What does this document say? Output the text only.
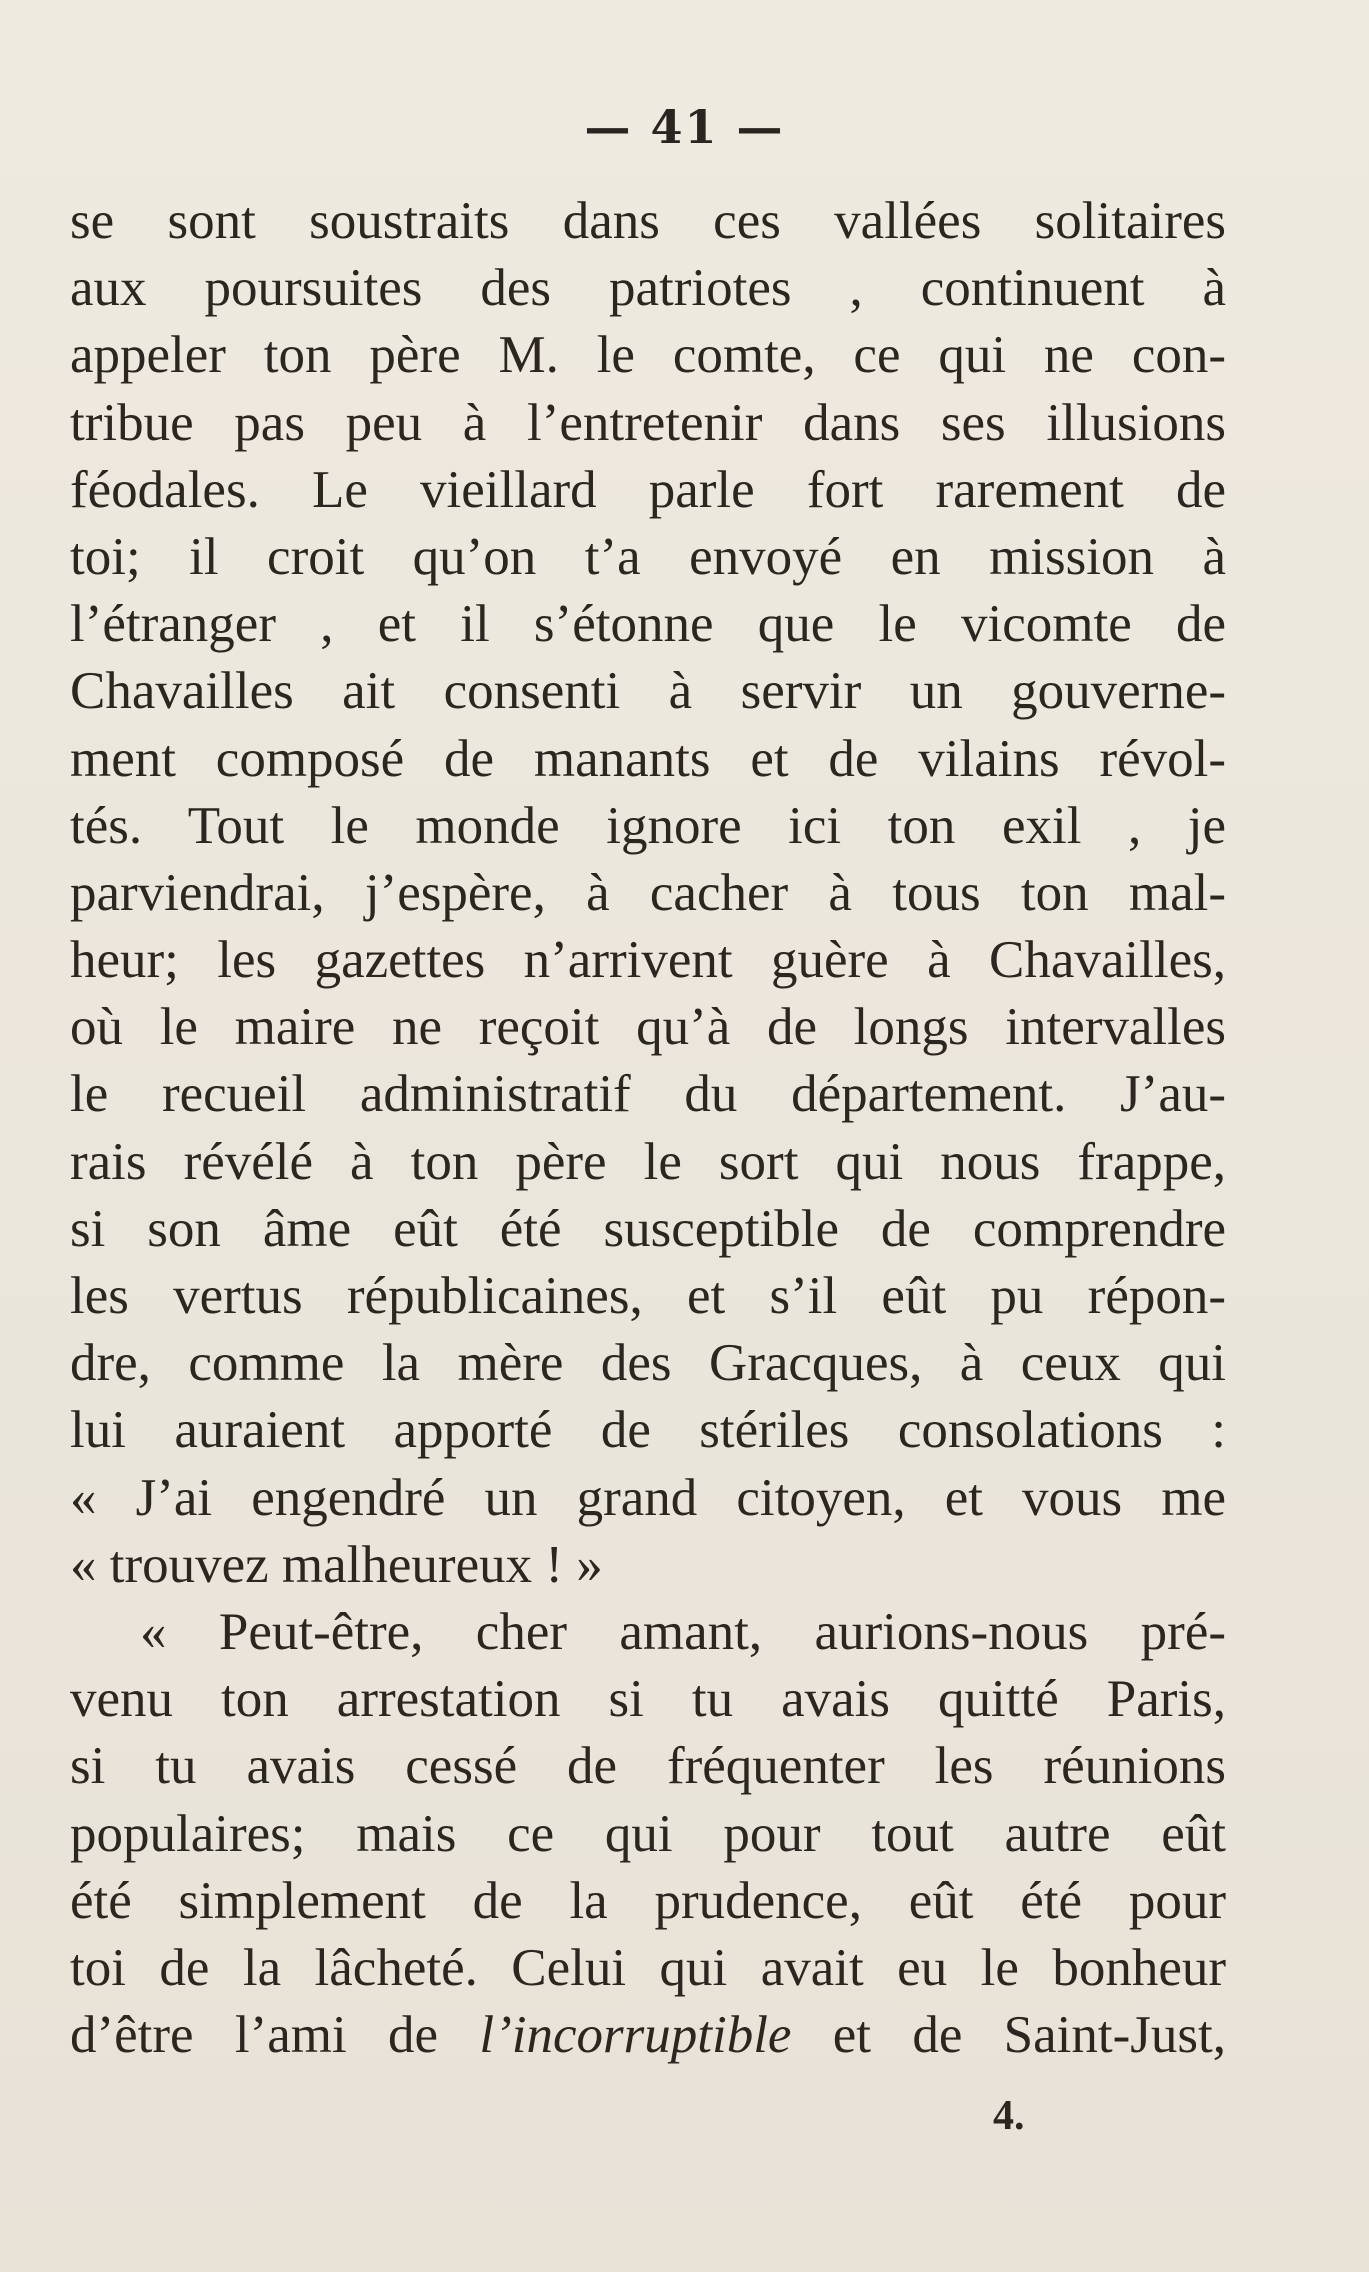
— 41 —
se sont soustraits dans ces vallées solitaires
aux poursuites des patriotes , continuent à
appeler ton père M. le comte, ce qui ne con-
tribue pas peu à l’entretenir dans ses illusions
féodales. Le vieillard parle fort rarement de
toi; il croit qu’on t’a envoyé en mission à
l’étranger , et il s’étonne que le vicomte de
Chavailles ait consenti à servir un gouverne-
ment composé de manants et de vilains révol-
tés. Tout le monde ignore ici ton exil , je
parviendrai, j’espère, à cacher à tous ton mal-
heur; les gazettes n’arrivent guère à Chavailles,
où le maire ne reçoit qu’à de longs intervalles
le recueil administratif du département. J’au-
rais révélé à ton père le sort qui nous frappe,
si son âme eût été susceptible de comprendre
les vertus républicaines, et s’il eût pu répon-
dre, comme la mère des Gracques, à ceux qui
lui auraient apporté de stériles consolations :
« J’ai engendré un grand citoyen, et vous me
« trouvez malheureux ! »
« Peut-être, cher amant, aurions-nous pré-
venu ton arrestation si tu avais quitté Paris,
si tu avais cessé de fréquenter les réunions
populaires; mais ce qui pour tout autre eût
été simplement de la prudence, eût été pour
toi de la lâcheté. Celui qui avait eu le bonheur
d’être l’ami de l’incorruptible et de Saint-Just,
4.
